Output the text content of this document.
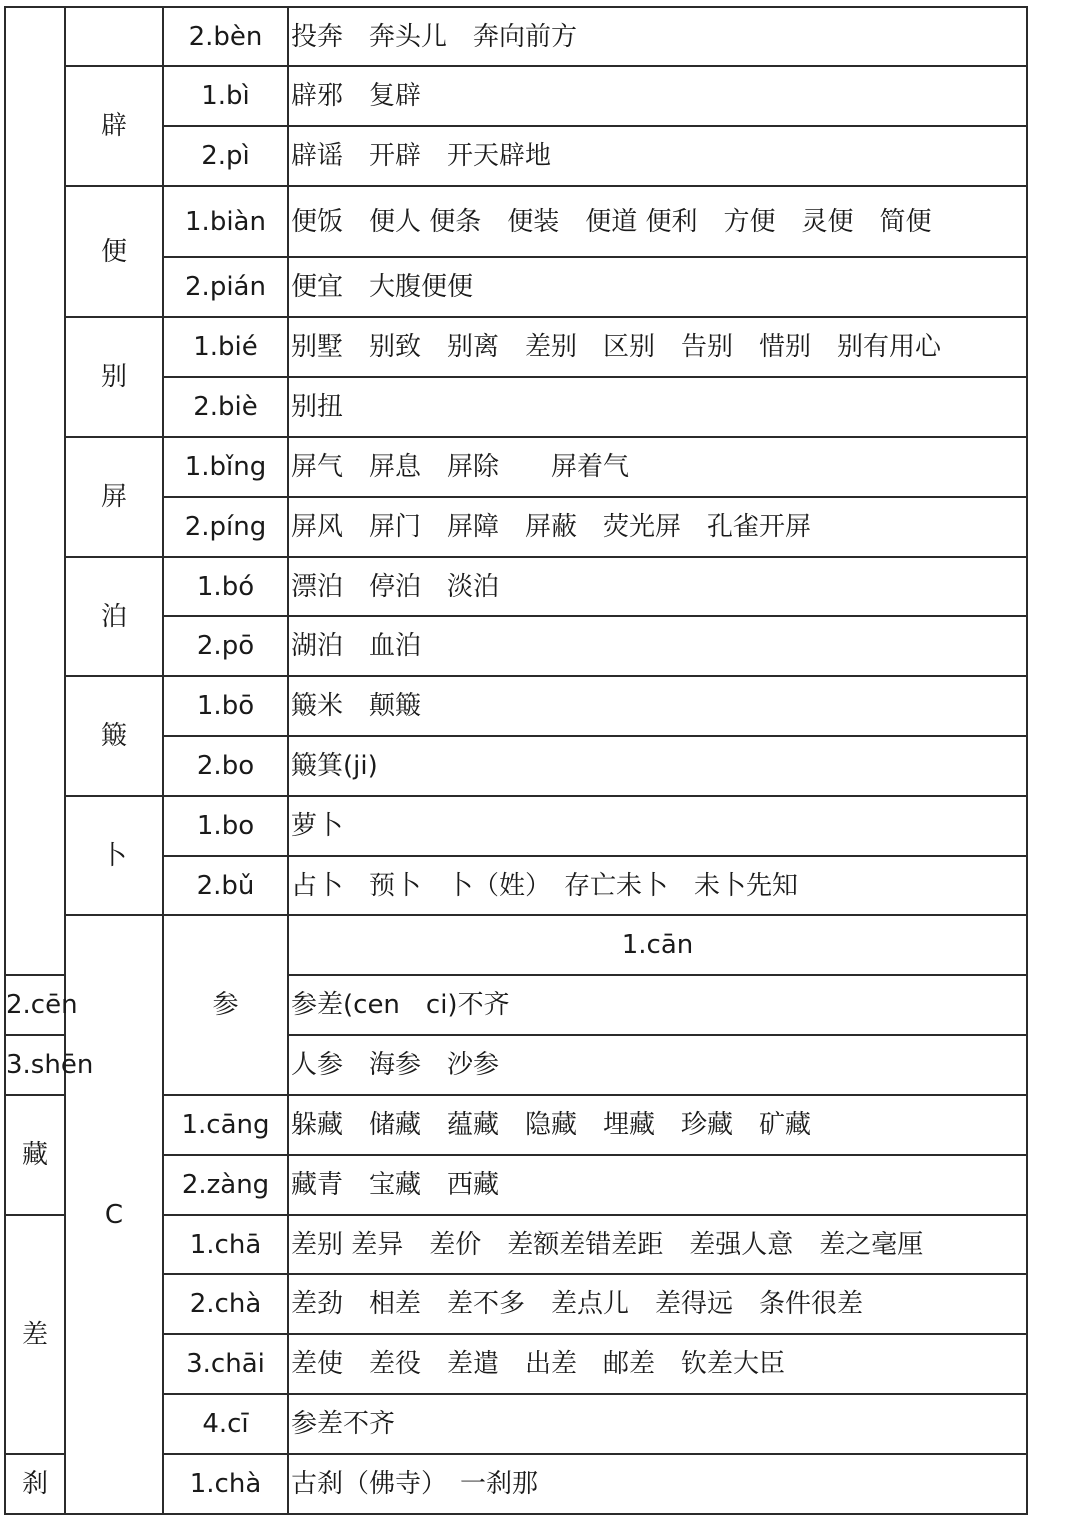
		2.bèn	投奔　奔头儿　奔向前方	
	辟	1.bì	辟邪　复辟	
		2.pì	辟谣　开辟　开天辟地	
	便	1.biàn	便饭　便人 便条　便装　便道 便利　方便　灵便　简便	
		2.pián	便宜　大腹便便	
	别	1.bié	别墅　别致　别离　差别　区别　告别　惜别　别有用心	
		2.biè	别扭	
	屏	1.bǐng	屏气　屏息　屏除　　屏着气	
		2.píng	屏风　屏门　屏障　屏蔽　荧光屏　孔雀开屏	
	泊	1.bó	漂泊　停泊　淡泊	
		2.pō	湖泊　血泊	
	簸	1.bō	簸米　颠簸	
		2.bo	簸箕(ji)	
	卜	1.bo	萝卜	
		2.bǔ	占卜　预卜　卜（姓）　存亡未卜　未卜先知	
	C	参	1.cān	
2.cēn			参差(cen　ci)不齐	
3.shēn			人参　海参　沙参	
藏		1.cāng	躲藏　储藏　蕴藏　隐藏　埋藏　珍藏　矿藏	
		2.zàng	藏青　宝藏　西藏	
差		1.chā	差别 差异　差价　差额差错差距　差强人意　差之毫厘	
		2.chà	差劲　相差　差不多　差点儿　差得远　条件很差	
		3.chāi	差使　差役　差遣　出差　邮差　钦差大臣	
		4.cī	参差不齐	
刹		1.chà	古刹（佛寺）　一刹那	
